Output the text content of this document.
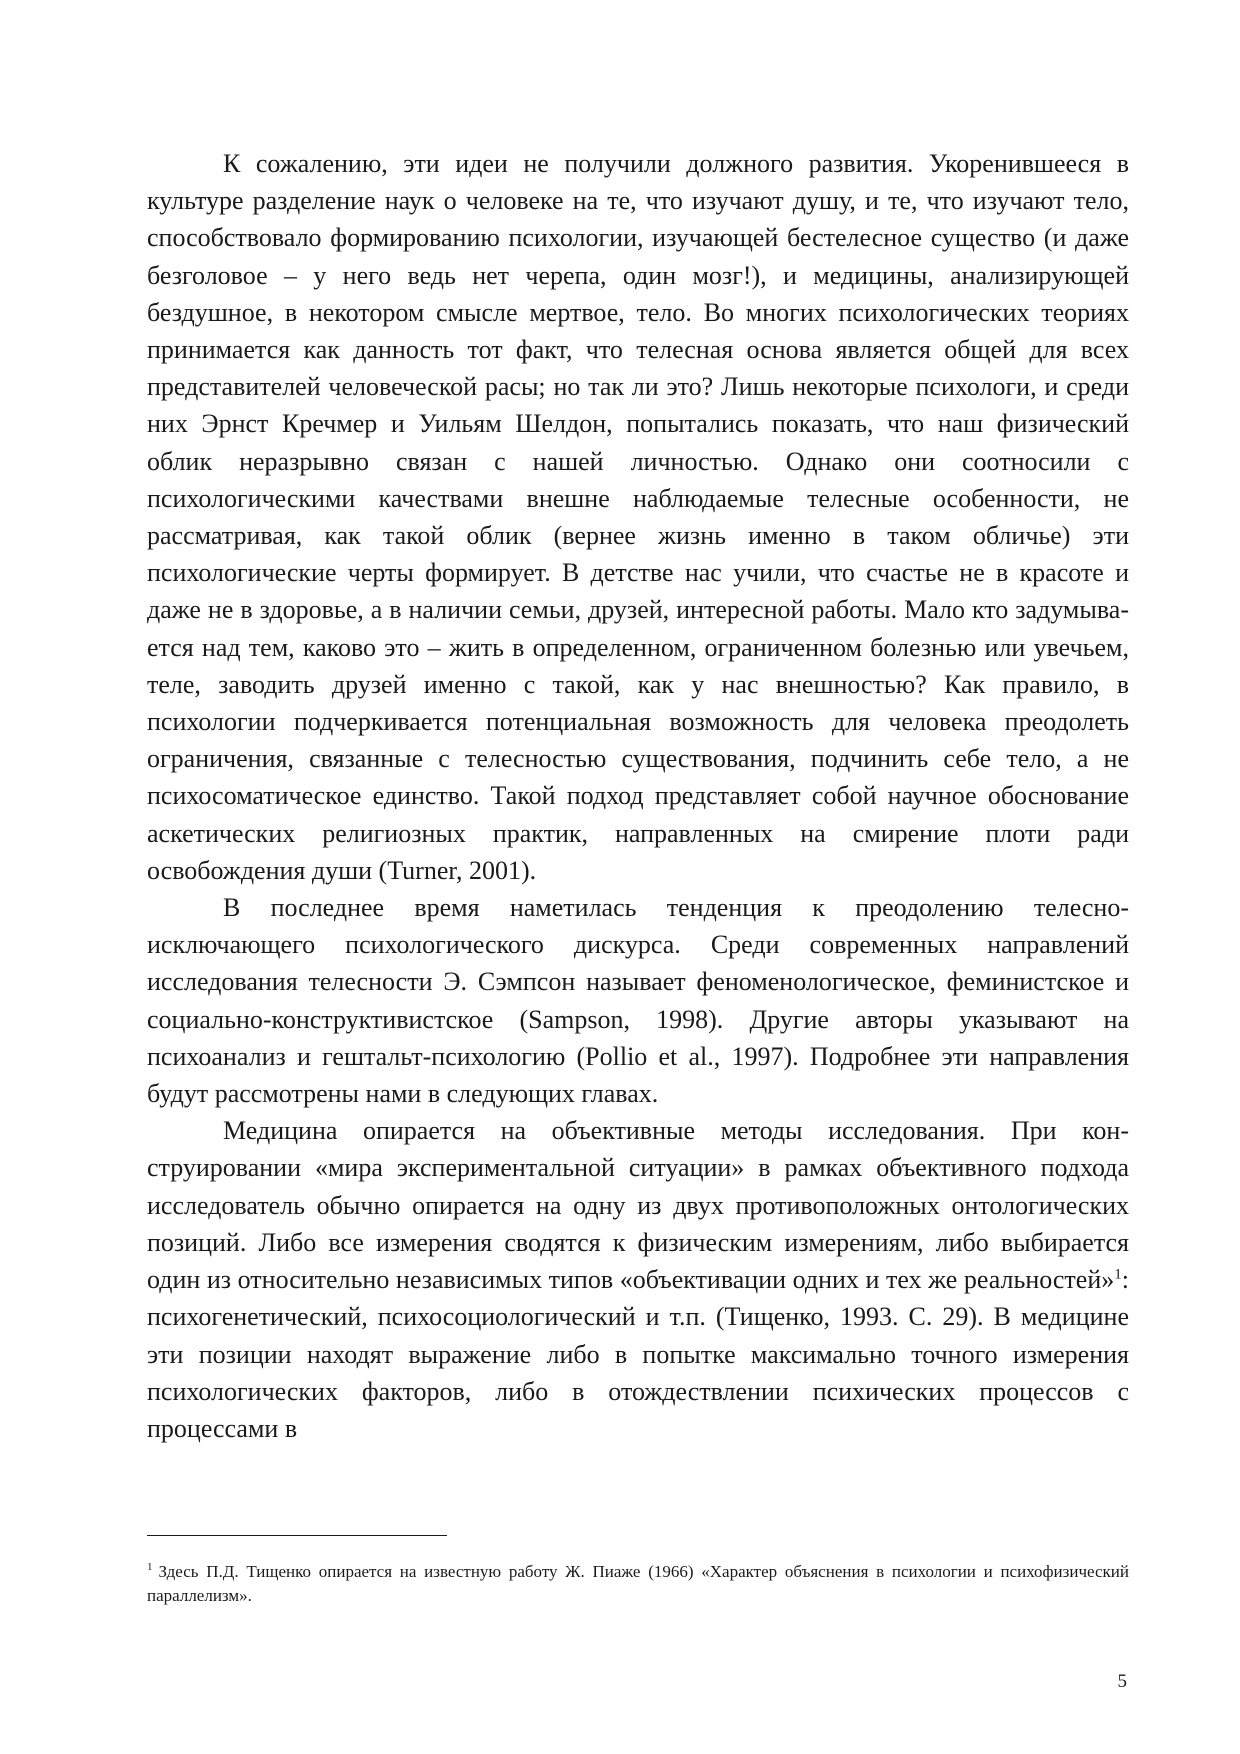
К сожалению, эти идеи не получили должного развития. Укоренившееся в культуре разделение наук о человеке на те, что изучают душу, и те, что изучают тело, способствовало формированию психологии, изучающей бестелесное существо (и даже безголовое – у него ведь нет черепа, один мозг!), и медицины, анализирующей бездушное, в некотором смысле мертвое, тело. Во многих психологических теориях принимается как данность тот факт, что телесная основа является общей для всех представителей человеческой расы; но так ли это? Лишь некоторые психологи, и среди них Эрнст Кречмер и Уильям Шелдон, попытались показать, что наш физический облик неразрывно связан с нашей личностью. Однако они соотносили с психологическими качествами внешне наблюдаемые телесные особенности, не рассматривая, как такой облик (вернее жизнь именно в таком обличье) эти психологические черты формирует. В детстве нас учили, что счастье не в красоте и даже не в здоровье, а в наличии семьи, друзей, интересной работы. Мало кто задумывается над тем, каково это – жить в определенном, ограниченном болезнью или увечьем, теле, заводить друзей именно с такой, как у нас внешностью? Как правило, в психологии подчеркивается потенциальная возможность для человека преодолеть ограничения, связанные с телесностью существования, подчинить себе тело, а не психосоматическое единство. Такой подход представляет собой научное обоснование аскетических религиозных практик, направленных на смирение плоти ради освобождения души (Turner, 2001).

В последнее время наметилась тенденция к преодолению телесно-исключающего психологического дискурса. Среди современных направлений исследования телесности Э. Сэмпсон называет феноменологическое, феминистское и социально-конструктивистское (Sampson, 1998). Другие авторы указывают на психоанализ и гештальт-психологию (Pollio et al., 1997). Подробнее эти направления будут рассмотрены нами в следующих главах.

Медицина опирается на объективные методы исследования. При конструировании «мира экспериментальной ситуации» в рамках объективного подхода исследователь обычно опирается на одну из двух противоположных онтологических позиций. Либо все измерения сводятся к физическим измерениям, либо выбирается один из относительно независимых типов «объективации одних и тех же реальностей»$^1$: психогенетический, психосоциологический и т.п. (Тищенко, 1993. С. 29). В медицине эти позиции находят выражение либо в попытке максимально точного измерения психологических факторов, либо в отождествлении психических процессов с процессами в

$^1$ Здесь П.Д. Тищенко опирается на известную работу Ж. Пиаже (1966) «Характер объяснения в психологии и психофизический параллелизм».

5
